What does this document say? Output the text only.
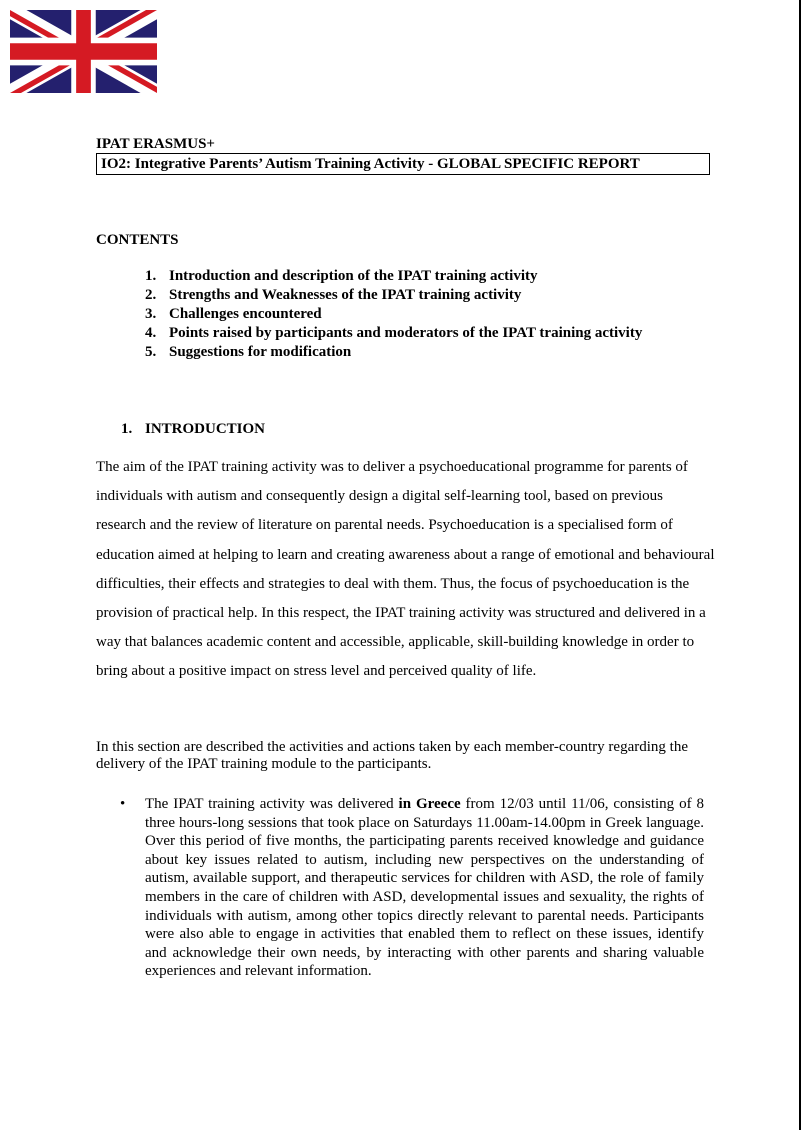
IPAT ERASMUS+

IO2: Integrative Parents’ Autism Training Activity - GLOBAL SPECIFIC REPORT

CONTENTS

1. Introduction and description of the IPAT training activity
2. Strengths and Weaknesses of the IPAT training activity
3. Challenges encountered
4. Points raised by participants and moderators of the IPAT training activity
5. Suggestions for modification

1. INTRODUCTION

The aim of the IPAT training activity was to deliver a psychoeducational programme for parents of individuals with autism and consequently design a digital self-learning tool, based on previous research and the review of literature on parental needs. Psychoeducation is a specialised form of education aimed at helping to learn and creating awareness about a range of emotional and behavioural difficulties, their effects and strategies to deal with them. Thus, the focus of psychoeducation is the provision of practical help. In this respect, the IPAT training activity was structured and delivered in a way that balances academic content and accessible, applicable, skill-building knowledge in order to bring about a positive impact on stress level and perceived quality of life.

In this section are described the activities and actions taken by each member-country regarding the delivery of the IPAT training module to the participants.

•	The IPAT training activity was delivered in Greece from 12/03 until 11/06, consisting of 8 three hours-long sessions that took place on Saturdays 11.00am-14.00pm in Greek language. Over this period of five months, the participating parents received knowledge and guidance about key issues related to autism, including new perspectives on the understanding of autism, available support, and therapeutic services for children with ASD, the role of family members in the care of children with ASD, developmental issues and sexuality, the rights of individuals with autism, among other topics directly relevant to parental needs. Participants were also able to engage in activities that enabled them to reflect on these issues, identify and acknowledge their own needs, by interacting with other parents and sharing valuable experiences and relevant information.
